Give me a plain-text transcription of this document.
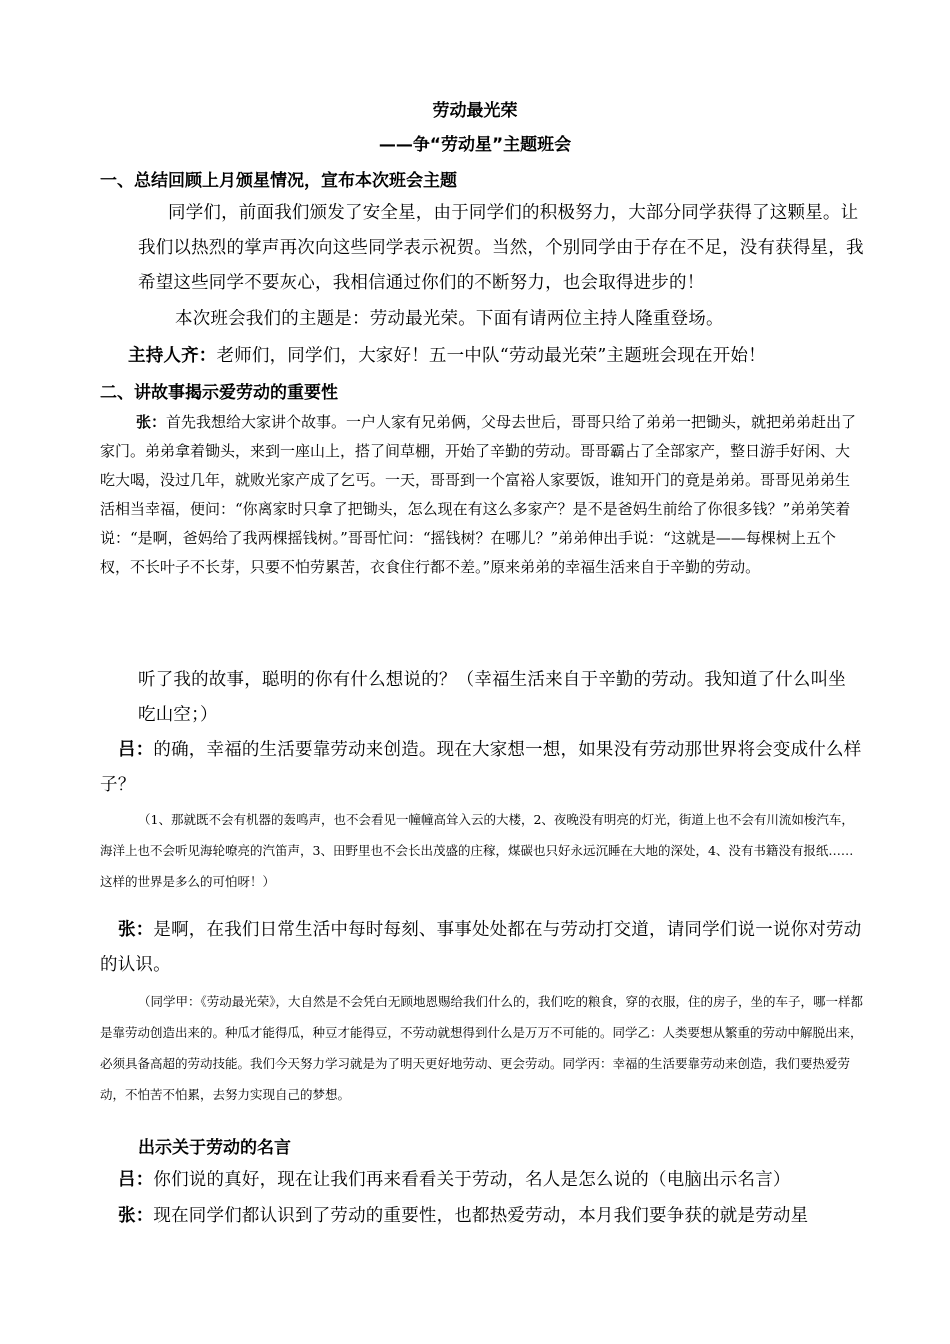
劳动最光荣
——争“劳动星”主题班会
一、总结回顾上月颁星情况，宣布本次班会主题

同学们，前面我们颁发了安全星，由于同学们的积极努力，大部分同学获得了这颗星。让我们以热烈的掌声再次向这些同学表示祝贺。当然，个别同学由于存在不足，没有获得星，我希望这些同学不要灰心，我相信通过你们的不断努力，也会取得进步的！

本次班会我们的主题是：劳动最光荣。下面有请两位主持人隆重登场。

主持人齐：老师们，同学们，大家好！五一中队“劳动最光荣”主题班会现在开始！

二、讲故事揭示爱劳动的重要性

张：首先我想给大家讲个故事。一户人家有兄弟俩，父母去世后，哥哥只给了弟弟一把锄头，就把弟弟赶出了家门。弟弟拿着锄头，来到一座山上，搭了间草棚，开始了辛勤的劳动。哥哥霸占了全部家产，整日游手好闲、大吃大喝，没过几年，就败光家产成了乞丐。一天，哥哥到一个富裕人家要饭，谁知开门的竟是弟弟。哥哥见弟弟生活相当幸福，便问：“你离家时只拿了把锄头，怎么现在有这么多家产？是不是爸妈生前给了你很多钱？”弟弟笑着说：“是啊，爸妈给了我两棵摇钱树。”哥哥忙问：“摇钱树？在哪儿？”弟弟伸出手说：“这就是——每棵树上五个杈，不长叶子不长芽，只要不怕劳累苦，衣食住行都不差。”原来弟弟的幸福生活来自于辛勤的劳动。

听了我的故事，聪明的你有什么想说的？（幸福生活来自于辛勤的劳动。我知道了什么叫坐吃山空；）

吕：的确，幸福的生活要靠劳动来创造。现在大家想一想，如果没有劳动那世界将会变成什么样子？

（1、那就既不会有机器的轰鸣声，也不会看见一幢幢高耸入云的大楼，2、夜晚没有明亮的灯光，街道上也不会有川流如梭汽车，海洋上也不会听见海轮嘹亮的汽笛声，3、田野里也不会长出茂盛的庄稼，煤碳也只好永远沉睡在大地的深处，4、没有书籍没有报纸……这样的世界是多么的可怕呀！）

张：是啊，在我们日常生活中每时每刻、事事处处都在与劳动打交道，请同学们说一说你对劳动的认识。

（同学甲：《劳动最光荣》，大自然是不会凭白无顾地恩赐给我们什么的，我们吃的粮食，穿的衣服，住的房子，坐的车子，哪一样都是靠劳动创造出来的。种瓜才能得瓜，种豆才能得豆，不劳动就想得到什么是万万不可能的。同学乙：人类要想从繁重的劳动中解脱出来，必须具备高超的劳动技能。我们今天努力学习就是为了明天更好地劳动、更会劳动。同学丙：幸福的生活要靠劳动来创造，我们要热爱劳动，不怕苦不怕累，去努力实现自己的梦想。

出示关于劳动的名言

吕：你们说的真好，现在让我们再来看看关于劳动，名人是怎么说的（电脑出示名言）

张：现在同学们都认识到了劳动的重要性，也都热爱劳动，本月我们要争获的就是劳动星
